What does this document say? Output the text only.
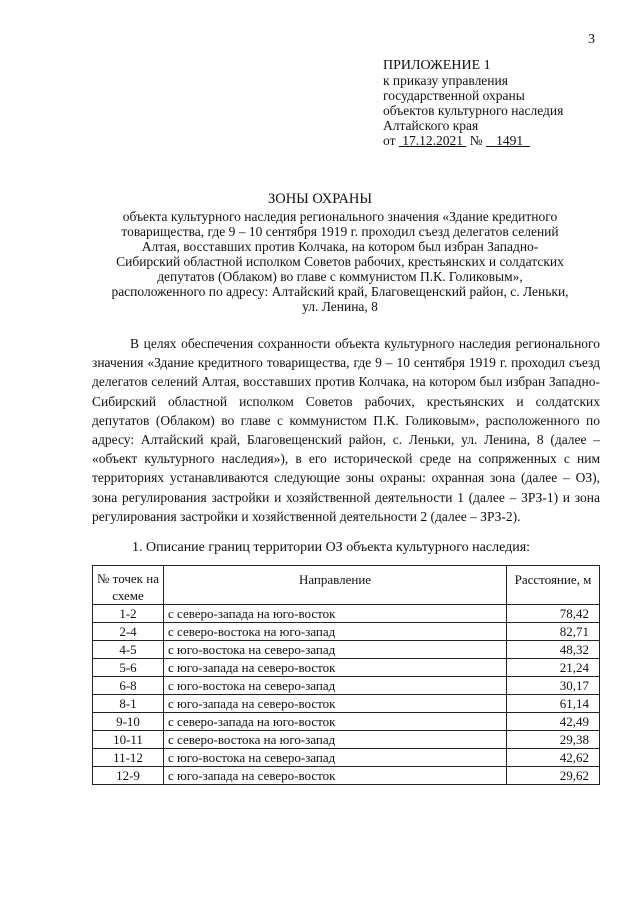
3
ПРИЛОЖЕНИЕ 1
к приказу управления
государственной охраны
объектов культурного наследия
Алтайского края
от 17.12.2021 № 1491
ЗОНЫ ОХРАНЫ
объекта культурного наследия регионального значения «Здание кредитного товарищества, где 9 – 10 сентября 1919 г. проходил съезд делегатов селений Алтая, восставших против Колчака, на котором был избран Западно-Сибирский областной исполком Советов рабочих, крестьянских и солдатских депутатов (Облаком) во главе с коммунистом П.К. Голиковым», расположенного по адресу: Алтайский край, Благовещенский район, с. Леньки, ул. Ленина, 8
В целях обеспечения сохранности объекта культурного наследия регионального значения «Здание кредитного товарищества, где 9 – 10 сентября 1919 г. проходил съезд делегатов селений Алтая, восставших против Колчака, на котором был избран Западно-Сибирский областной исполком Советов рабочих, крестьянских и солдатских депутатов (Облаком) во главе с коммунистом П.К. Голиковым», расположенного по адресу: Алтайский край, Благовещенский район, с. Леньки, ул. Ленина, 8 (далее – «объект культурного наследия»), в его исторической среде на сопряженных с ним территориях устанавливаются следующие зоны охраны: охранная зона (далее – ОЗ), зона регулирования застройки и хозяйственной деятельности 1 (далее – ЗРЗ-1) и зона регулирования застройки и хозяйственной деятельности 2 (далее – ЗРЗ-2).
1. Описание границ территории ОЗ объекта культурного наследия:
№ точек на схеме	Направление	Расстояние, м
1-2	с северо-запада на юго-восток	78,42
2-4	с северо-востока на юго-запад	82,71
4-5	с юго-востока на северо-запад	48,32
5-6	с юго-запада на северо-восток	21,24
6-8	с юго-востока на северо-запад	30,17
8-1	с юго-запада на северо-восток	61,14
9-10	с северо-запада на юго-восток	42,49
10-11	с северо-востока на юго-запад	29,38
11-12	с юго-востока на северо-запад	42,62
12-9	с юго-запада на северо-восток	29,62
